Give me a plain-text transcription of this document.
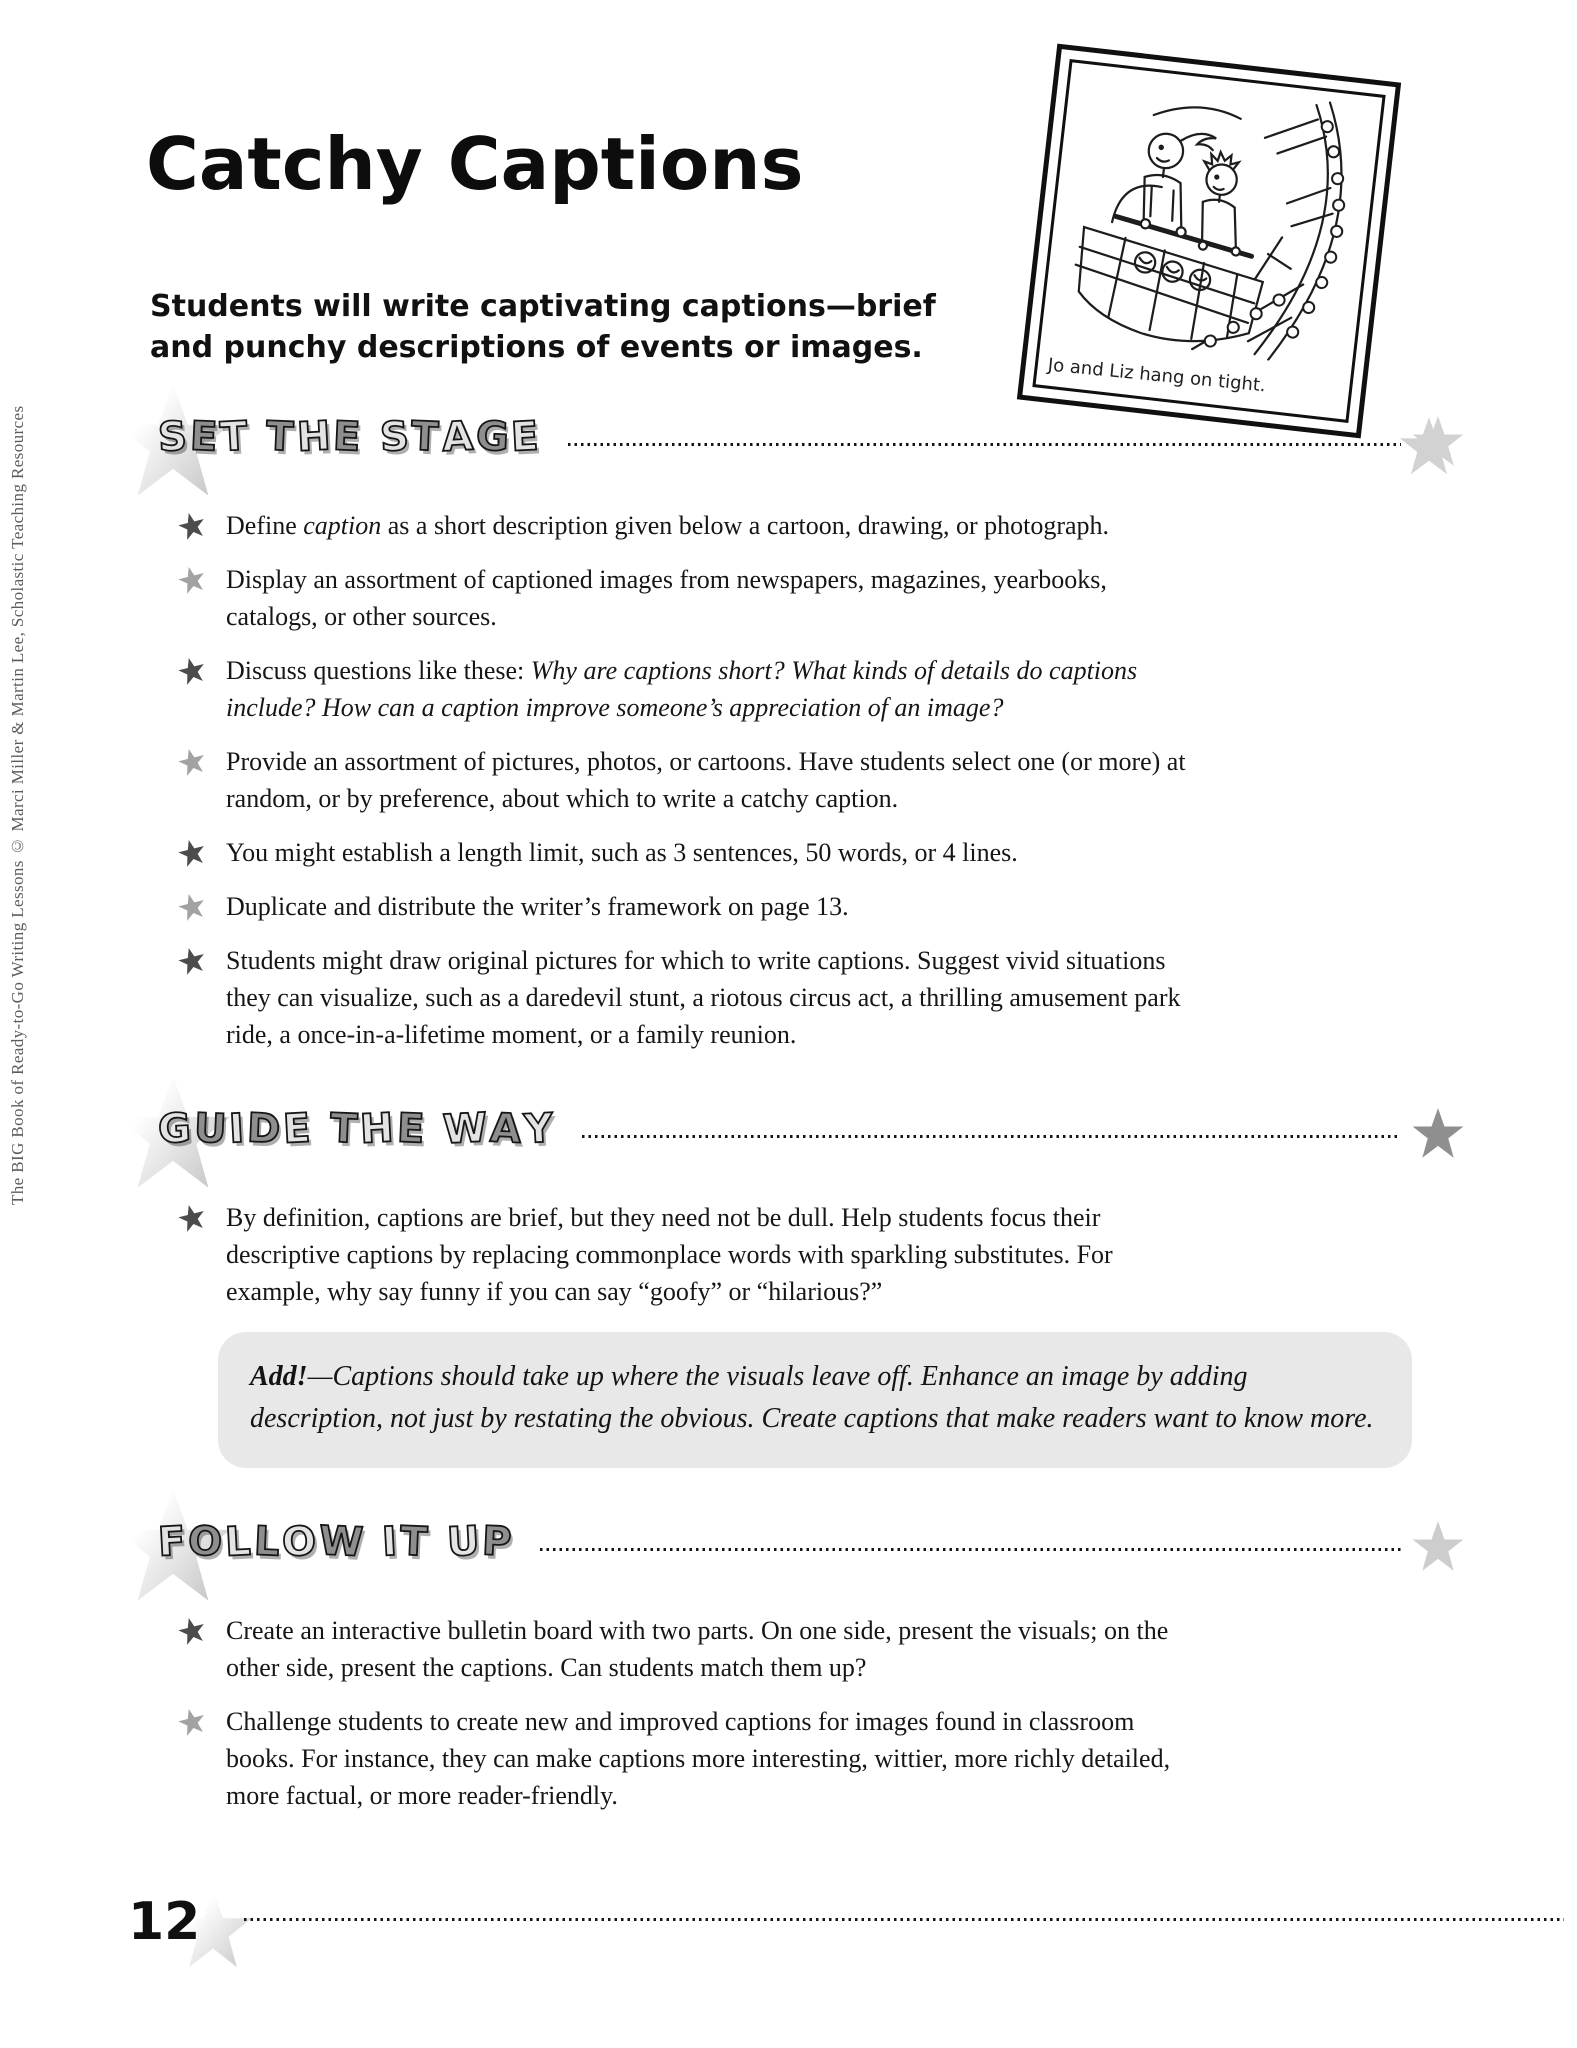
The BIG Book of Ready-to-Go Writing Lessons © Marci Miller & Martin Lee, Scholastic Teaching Resources
Catchy Captions
Students will write captivating captions—brief
and punchy descriptions of events or images.
Jo and Liz hang on tight.
SET THE STAGE
Define caption as a short description given below a cartoon, drawing, or photograph.
Display an assortment of captioned images from newspapers, magazines, yearbooks, catalogs, or other sources.
Discuss questions like these: Why are captions short? What kinds of details do captions include? How can a caption improve someone’s appreciation of an image?
Provide an assortment of pictures, photos, or cartoons. Have students select one (or more) at random, or by preference, about which to write a catchy caption.
You might establish a length limit, such as 3 sentences, 50 words, or 4 lines.
Duplicate and distribute the writer’s framework on page 13.
Students might draw original pictures for which to write captions. Suggest vivid situations they can visualize, such as a daredevil stunt, a riotous circus act, a thrilling amusement park ride, a once-in-a-lifetime moment, or a family reunion.
GUIDE THE WAY
By definition, captions are brief, but they need not be dull. Help students focus their descriptive captions by replacing commonplace words with sparkling substitutes. For example, why say funny if you can say “goofy” or “hilarious?”
Add!—Captions should take up where the visuals leave off. Enhance an image by adding description, not just by restating the obvious. Create captions that make readers want to know more.
FOLLOW IT UP
Create an interactive bulletin board with two parts. On one side, present the visuals; on the other side, present the captions. Can students match them up?
Challenge students to create new and improved captions for images found in classroom books. For instance, they can make captions more interesting, wittier, more richly detailed, more factual, or more reader-friendly.
12
